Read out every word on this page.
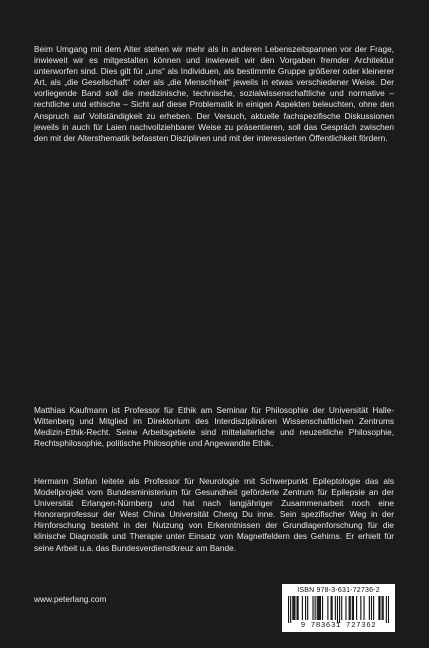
Beim Umgang mit dem Alter stehen wir mehr als in anderen Lebenszeitspannen vor der Frage, inwieweit wir es mitgestalten können und inwieweit wir den Vorgaben fremder Architektur unterworfen sind. Dies gilt für „uns“ als Individuen, als bestimmte Gruppe größerer oder kleinerer Art, als „die Gesellschaft“ oder als „die Menschheit“ jeweils in etwas verschiedener Weise. Der vorliegende Band soll die medizinische, technische, sozialwissenschaftliche und normative – rechtliche und ethische – Sicht auf diese Problematik in einigen Aspekten beleuchten, ohne den Anspruch auf Vollständigkeit zu erheben. Der Versuch, aktuelle fachspezifische Diskussionen jeweils in auch für Laien nachvollziehbarer Weise zu präsentieren, soll das Gespräch zwischen den mit der Altersthematik befassten Disziplinen und mit der interessierten Öffentlichkeit fördern.

Matthias Kaufmann ist Professor für Ethik am Seminar für Philosophie der Universität Halle-Wittenberg und Mitglied im Direktorium des Interdisziplinären Wissenschaftlichen Zentrums Medizin-Ethik-Recht. Seine Arbeitsgebiete sind mittelalterliche und neuzeitliche Philosophie, Rechtsphilosophie, politische Philosophie und Angewandte Ethik.

Hermann Stefan leitete als Professor für Neurologie mit Schwerpunkt Epileptologie das als Modellprojekt vom Bundesministerium für Gesundheit geförderte Zentrum für Epilepsie an der Universität Erlangen-Nürnberg und hat nach langjähriger Zusammenarbeit noch eine Honorarprofessur der West China Universität Cheng Du inne. Sein spezifischer Weg in der Hirnforschung besteht in der Nutzung von Erkenntnissen der Grundlagenforschung für die klinische Diagnostik und Therapie unter Einsatz von Magnetfeldern des Gehirns. Er erhielt für seine Arbeit u.a. das Bundesverdienstkreuz am Bande.

www.peterlang.com
ISBN 978-3-631-72736-2
9 783631 727362
